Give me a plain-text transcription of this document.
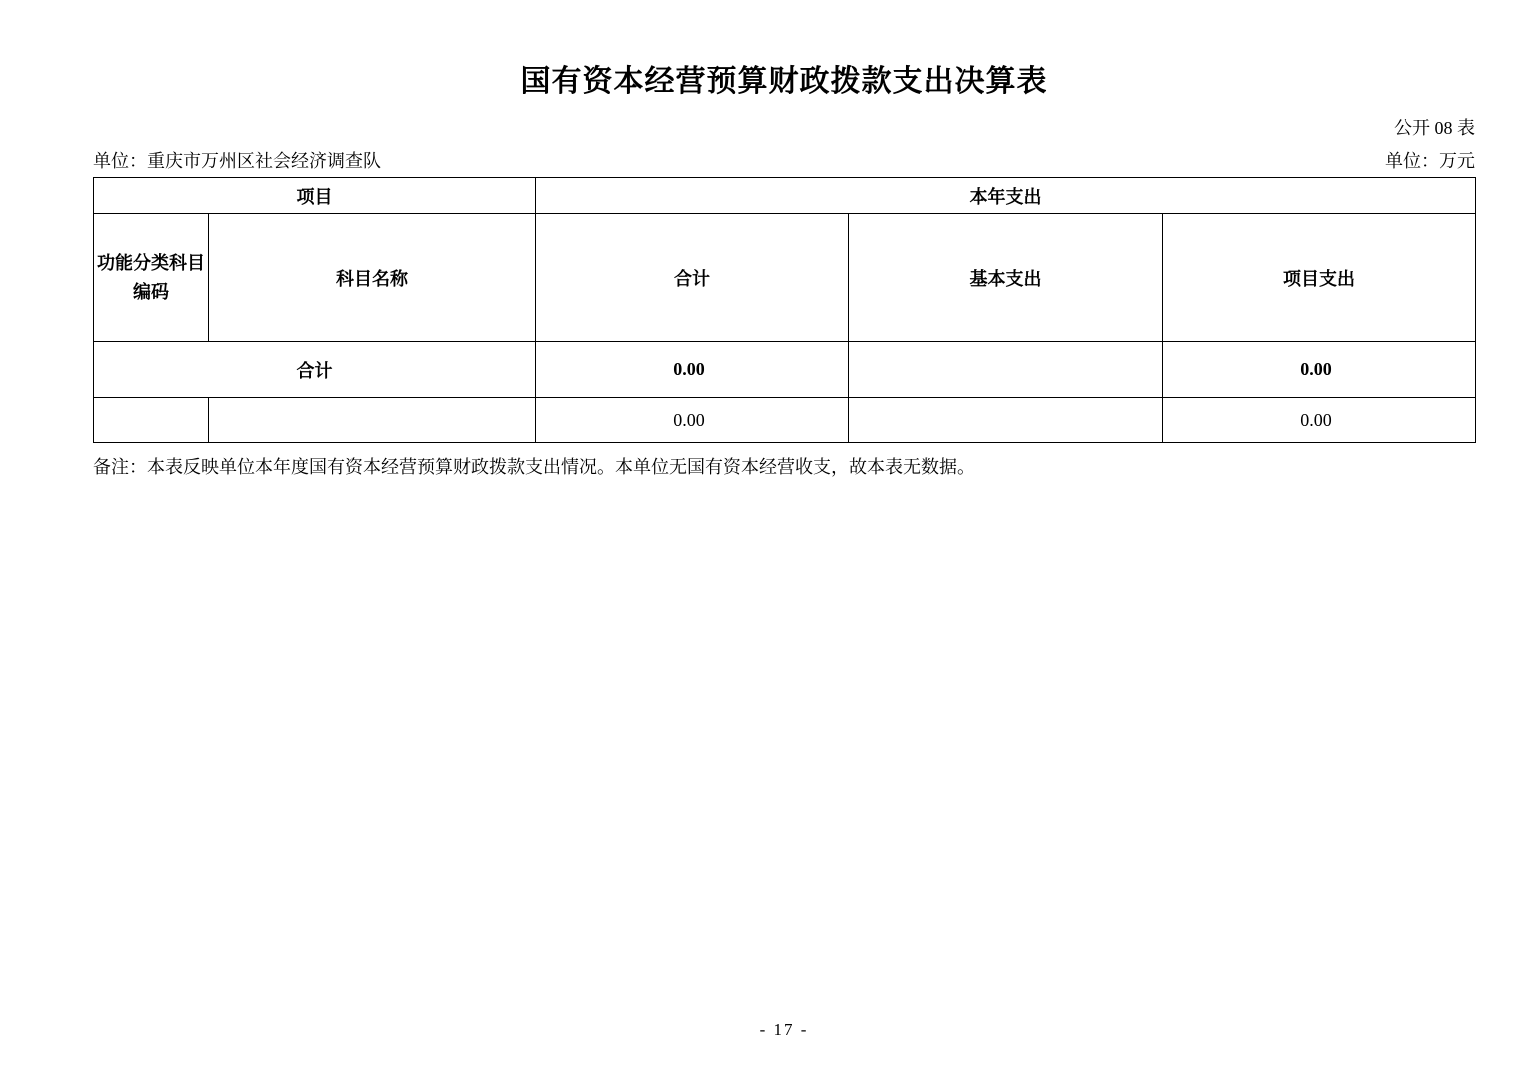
国有资本经营预算财政拨款支出决算表
公开 08 表
单位：重庆市万州区社会经济调查队	单位：万元
项目		本年支出		

功能分类科目
编码	科目名称	合计	基本支出	项目支出
合计		0.00		0.00
		0.00		0.00
备注：本表反映单位本年度国有资本经营预算财政拨款支出情况。本单位无国有资本经营收支，故本表无数据。
- 17 -
